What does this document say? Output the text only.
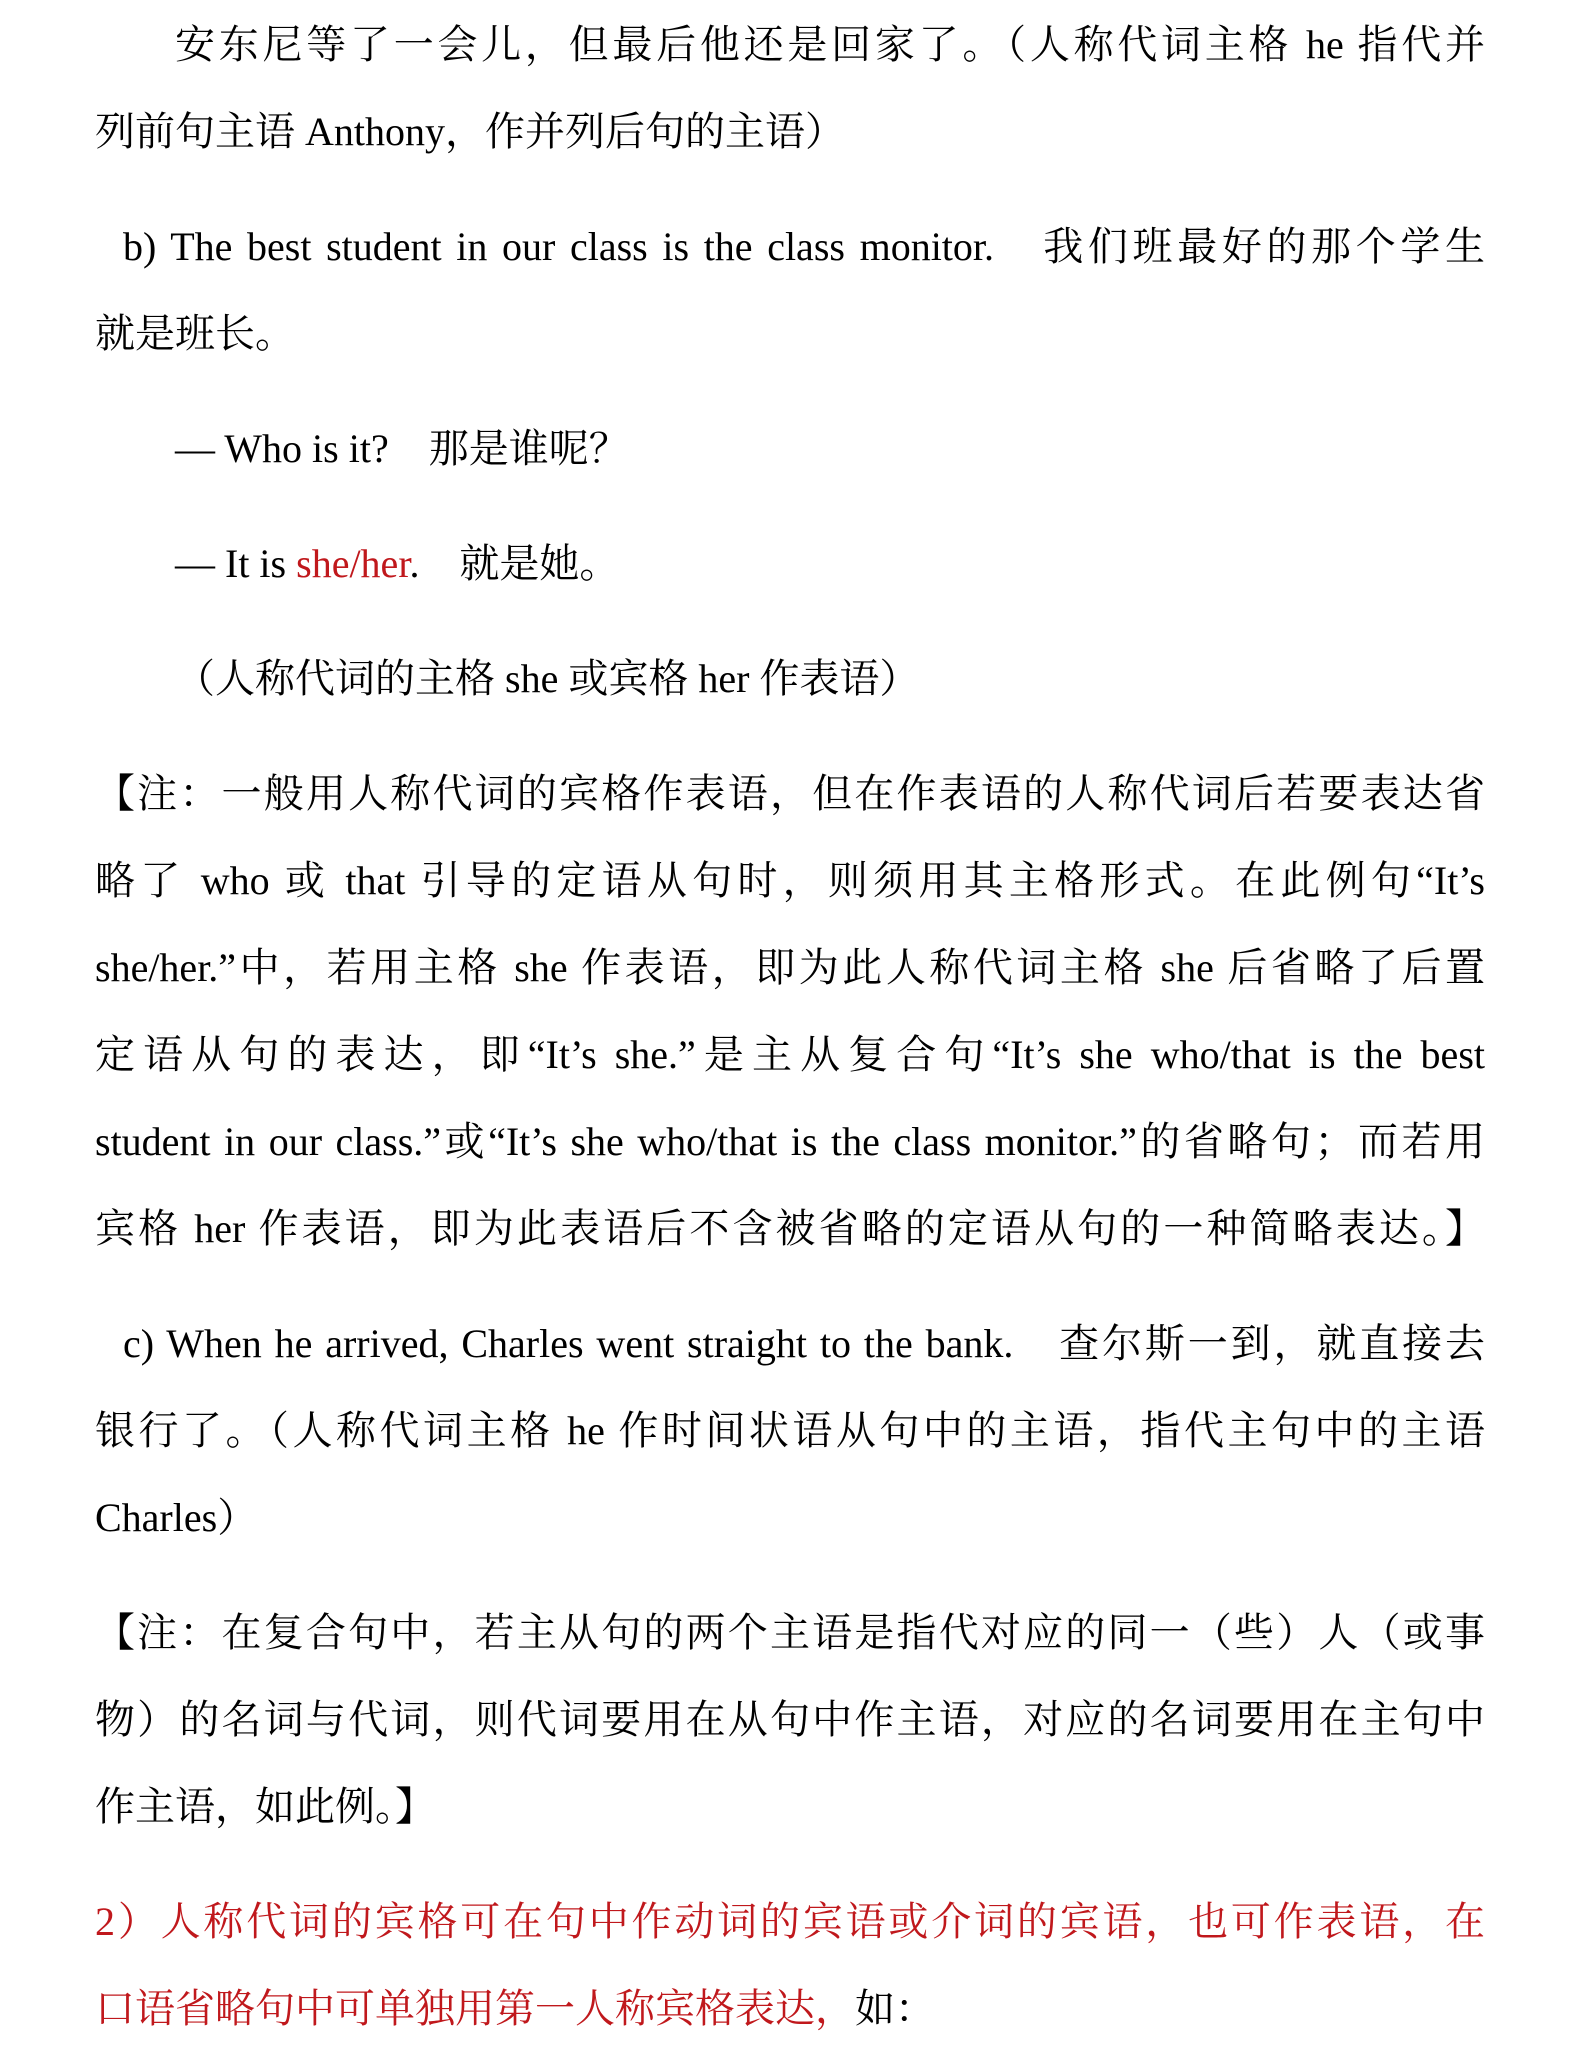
安东尼等了一会儿，但最后他还是回家了。（人称代词主格 he 指代并
列前句主语 Anthony，作并列后句的主语）
b) The best student in our class is the class monitor.　我们班最好的那个学生
就是班长。
— Who is it?　那是谁呢？
— It is she/her.　就是她。
（人称代词的主格 she 或宾格 her 作表语）
【注：一般用人称代词的宾格作表语，但在作表语的人称代词后若要表达省
略了 who 或 that 引导的定语从句时，则须用其主格形式。在此例句“It’s
she/her.”中，若用主格 she 作表语，即为此人称代词主格 she 后省略了后置
定语从句的表达，即“It’s she.”是主从复合句“It’s she who/that is the best
student in our class.”或“It’s she who/that is the class monitor.”的省略句；而若用
宾格 her 作表语，即为此表语后不含被省略的定语从句的一种简略表达。】
c) When he arrived, Charles went straight to the bank.　查尔斯一到，就直接去
银行了。（人称代词主格 he 作时间状语从句中的主语，指代主句中的主语
Charles）
【注：在复合句中，若主从句的两个主语是指代对应的同一（些）人（或事
物）的名词与代词，则代词要用在从句中作主语，对应的名词要用在主句中
作主语，如此例。】
2）人称代词的宾格可在句中作动词的宾语或介词的宾语，也可作表语，在
口语省略句中可单独用第一人称宾格表达，如：
